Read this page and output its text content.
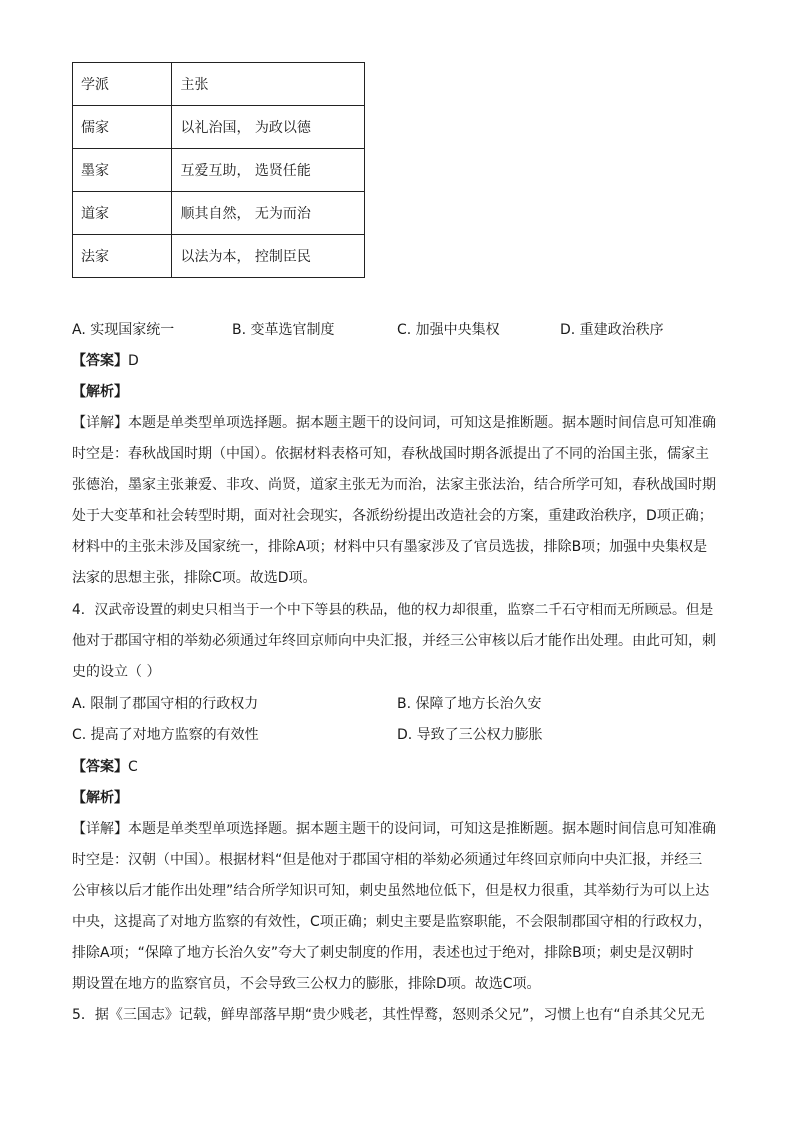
学派	主张
儒家	以礼治国， 为政以德
墨家	互爱互助， 选贤任能
道家	顺其自然， 无为而治
法家	以法为本， 控制臣民
A. 实现国家统一	B. 变革选官制度	C. 加强中央集权	D. 重建政治秩序
【答案】D
【解析】
【详解】本题是单类型单项选择题。据本题主题干的设问词，可知这是推断题。据本题时间信息可知准确
时空是：春秋战国时期（中国）。依据材料表格可知，春秋战国时期各派提出了不同的治国主张，儒家主
张德治，墨家主张兼爱、非攻、尚贤，道家主张无为而治，法家主张法治，结合所学可知，春秋战国时期
处于大变革和社会转型时期，面对社会现实，各派纷纷提出改造社会的方案，重建政治秩序，D项正确；
材料中的主张未涉及国家统一，排除A项；材料中只有墨家涉及了官员选拔，排除B项；加强中央集权是
法家的思想主张，排除C项。故选D项。
4．汉武帝设置的刺史只相当于一个中下等县的秩品，他的权力却很重，监察二千石守相而无所顾忌。但是
他对于郡国守相的举劾必须通过年终回京师向中央汇报，并经三公审核以后才能作出处理。由此可知，刺
史的设立（ ）
A. 限制了郡国守相的行政权力	B. 保障了地方长治久安
C. 提高了对地方监察的有效性	D. 导致了三公权力膨胀
【答案】C
【解析】
【详解】本题是单类型单项选择题。据本题主题干的设问词，可知这是推断题。据本题时间信息可知准确
时空是：汉朝（中国）。根据材料“但是他对于郡国守相的举劾必须通过年终回京师向中央汇报，并经三
公审核以后才能作出处理”结合所学知识可知，刺史虽然地位低下，但是权力很重，其举劾行为可以上达
中央，这提高了对地方监察的有效性，C项正确；刺史主要是监察职能，不会限制郡国守相的行政权力，
排除A项；“保障了地方长治久安”夸大了刺史制度的作用，表述也过于绝对，排除B项；刺史是汉朝时
期设置在地方的监察官员，不会导致三公权力的膨胀，排除D项。故选C项。
5．据《三国志》记载，鲜卑部落早期“贵少贱老，其性悍鹜，怒则杀父兄”，习惯上也有“自杀其父兄无
